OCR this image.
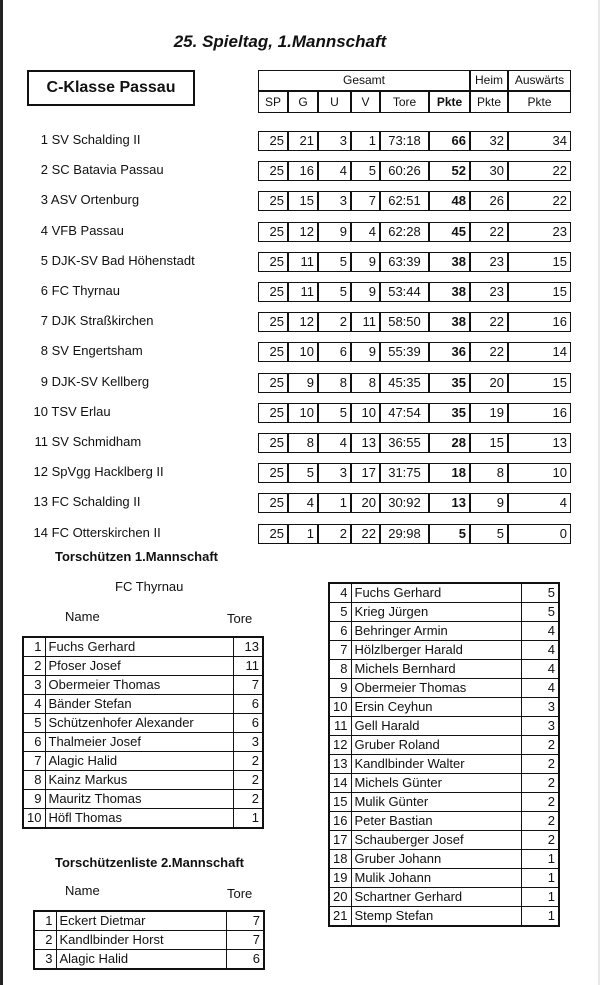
25. Spieltag, 1.Mannschaft
C-Klasse Passau	Gesamt	Heim Auswärts
SP	G	U	V	Tore	Pkte	Pkte	Pkte
1 SV Schalding II	25	21	3	1 73:18	66	32	34
2 SC Batavia Passau	25	16	4	5 60:26	52	30	22
3 ASV Ortenburg	25	15	3	7 62:51	48	26	22
4 VFB Passau	25	12	9	4 62:28	45	22	23
5 DJK-SV Bad Höhenstadt	25	11	5	9 63:39	38	23	15
6 FC Thyrnau	25	11	5	9 53:44	38	23	15
7 DJK Straßkirchen	25	12	2	11 58:50	38	22	16
8 SV Engertsham	25	10	6	9 55:39	36	22	14
9 DJK-SV Kellberg	25	9	8	8 45:35	35	20	15
10 TSV Erlau	25	10	5	10 47:54	35	19	16
11 SV Schmidham	25	8	4	13 36:55	28	15	13
12 SpVgg Hacklberg II	25	5	3	17 31:75	18	8	10
13 FC Schalding II	25	4	1	20 30:92	13	9	4
14 FC Otterskirchen II	25	1	2	22 29:98	5	5	0
Torschützen 1.Mannschaft
FC Thyrnau
Name	Tore
1	Fuchs Gerhard	13
2	Pfoser Josef	11
3	Obermeier Thomas	7
4	Bänder Stefan	6
5	Schützenhofer Alexander	6
6	Thalmeier Josef	3
7	Alagic Halid	2
8	Kainz Markus	2
9	Mauritz Thomas	2
10	Höfl Thomas	1
Torschützenliste 2.Mannschaft
Name	Tore
1	Eckert Dietmar	7
2	Kandlbinder Horst	7
3	Alagic Halid	6
4	Fuchs Gerhard	5
5	Krieg Jürgen	5
6	Behringer Armin	4
7	Hölzlberger Harald	4
8	Michels Bernhard	4
9	Obermeier Thomas	4
10	Ersin Ceyhun	3
11	Gell Harald	3
12	Gruber Roland	2
13	Kandlbinder Walter	2
14	Michels Günter	2
15	Mulik Günter	2
16	Peter Bastian	2
17	Schauberger Josef	2
18	Gruber Johann	1
19	Mulik Johann	1
20	Schartner Gerhard	1
21	Stemp Stefan	1
